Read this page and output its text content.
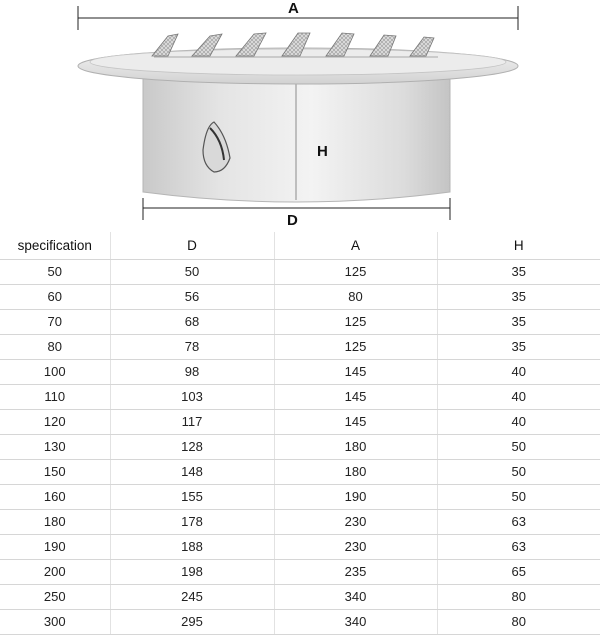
A
H
D
specification	D	A	H
50	50	125	35
60	56	80	35
70	68	125	35
80	78	125	35
100	98	145	40
110	103	145	40
120	117	145	40
130	128	180	50
150	148	180	50
160	155	190	50
180	178	230	63
190	188	230	63
200	198	235	65
250	245	340	80
300	295	340	80
